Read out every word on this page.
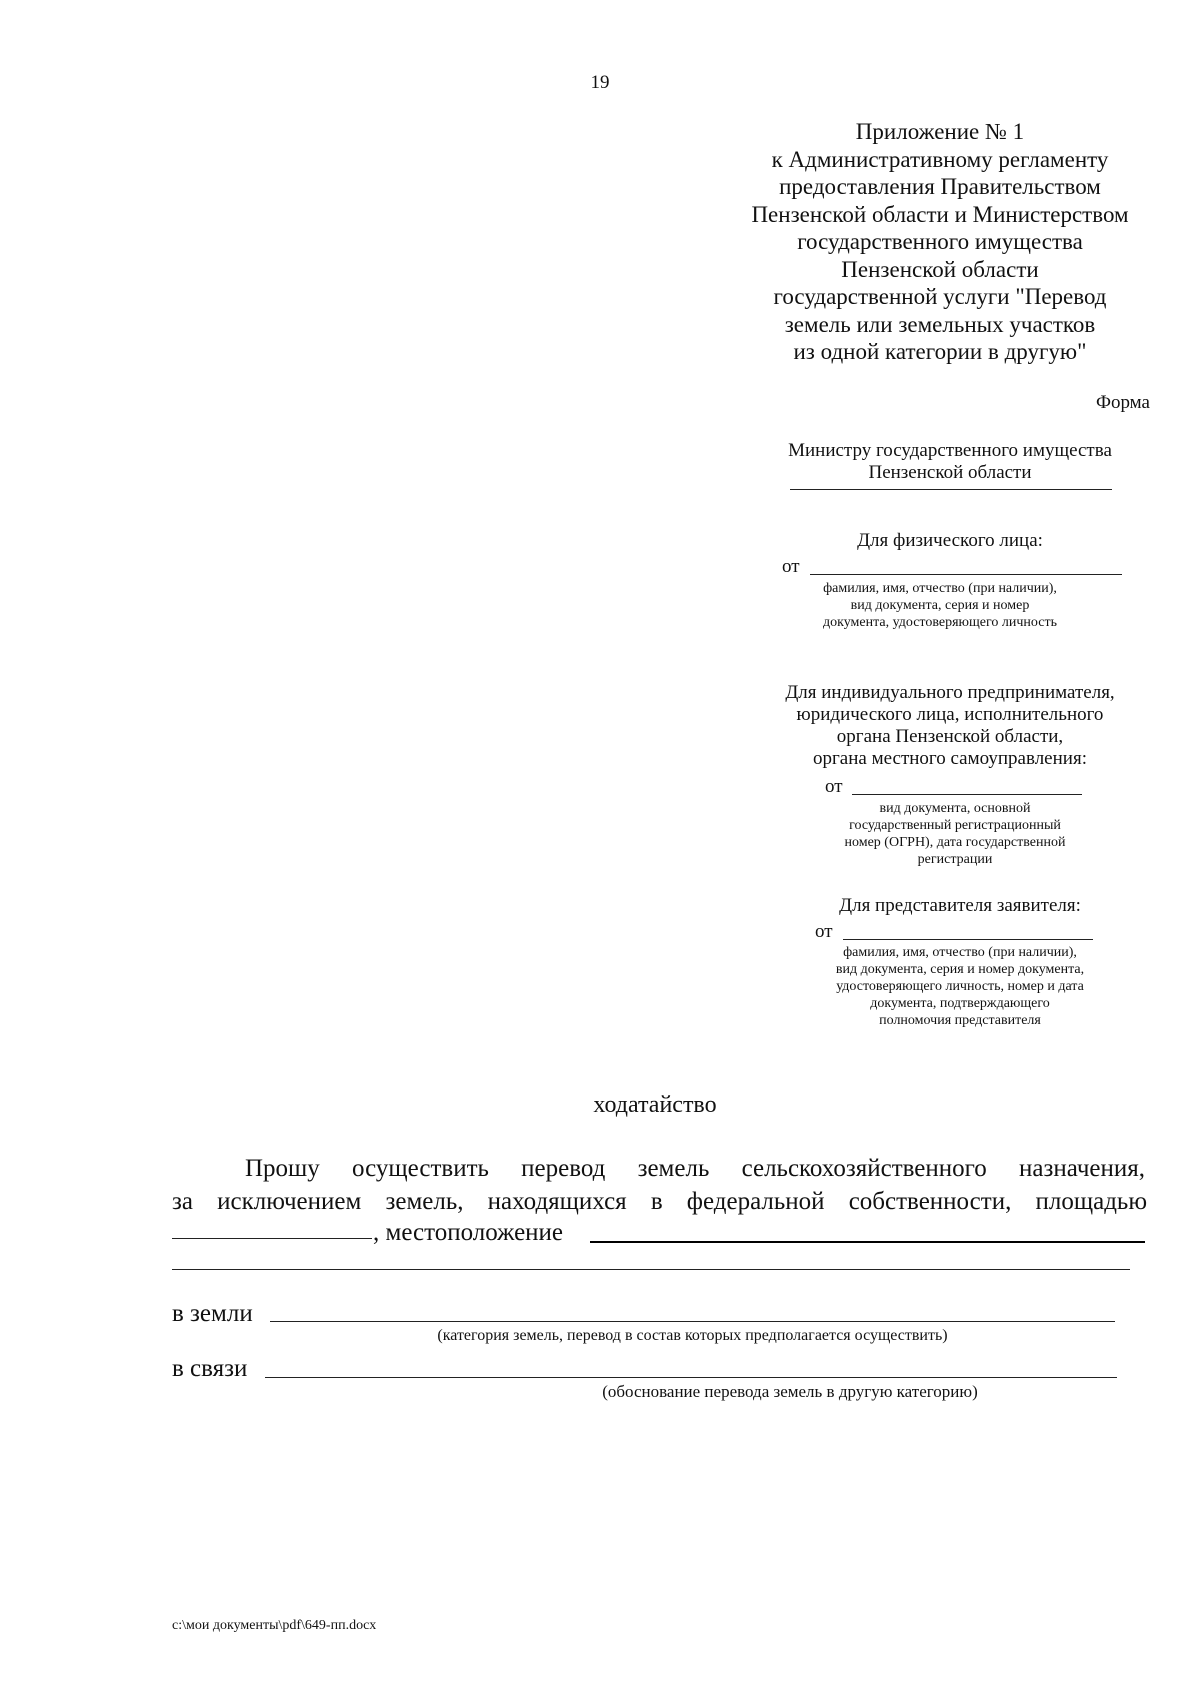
19
Приложение № 1
к Административному регламенту
предоставления Правительством
Пензенской области и Министерством
государственного имущества
Пензенской области
государственной услуги "Перевод
земель или земельных участков
из одной категории в другую"
Форма
Министру государственного имущества
Пензенской области
Для физического лица:
от
фамилия, имя, отчество (при наличии),
вид документа, серия и номер
документа, удостоверяющего личность
Для индивидуального предпринимателя,
юридического лица, исполнительного
органа Пензенской области,
органа местного самоуправления:
от
вид документа, основной
государственный регистрационный
номер (ОГРН), дата государственной
регистрации
Для представителя заявителя:
от
фамилия, имя, отчество (при наличии),
вид документа, серия и номер документа,
удостоверяющего личность, номер и дата
документа, подтверждающего
полномочия представителя
ходатайство
Прошу осуществить перевод земель сельскохозяйственного назначения,
за исключением земель, находящихся в федеральной собственности, площадью
, местоположение
в земли
(категория земель, перевод в состав которых предполагается осуществить)
в связи
(обоснование перевода земель в другую категорию)
c:\мои документы\pdf\649-пп.docx
